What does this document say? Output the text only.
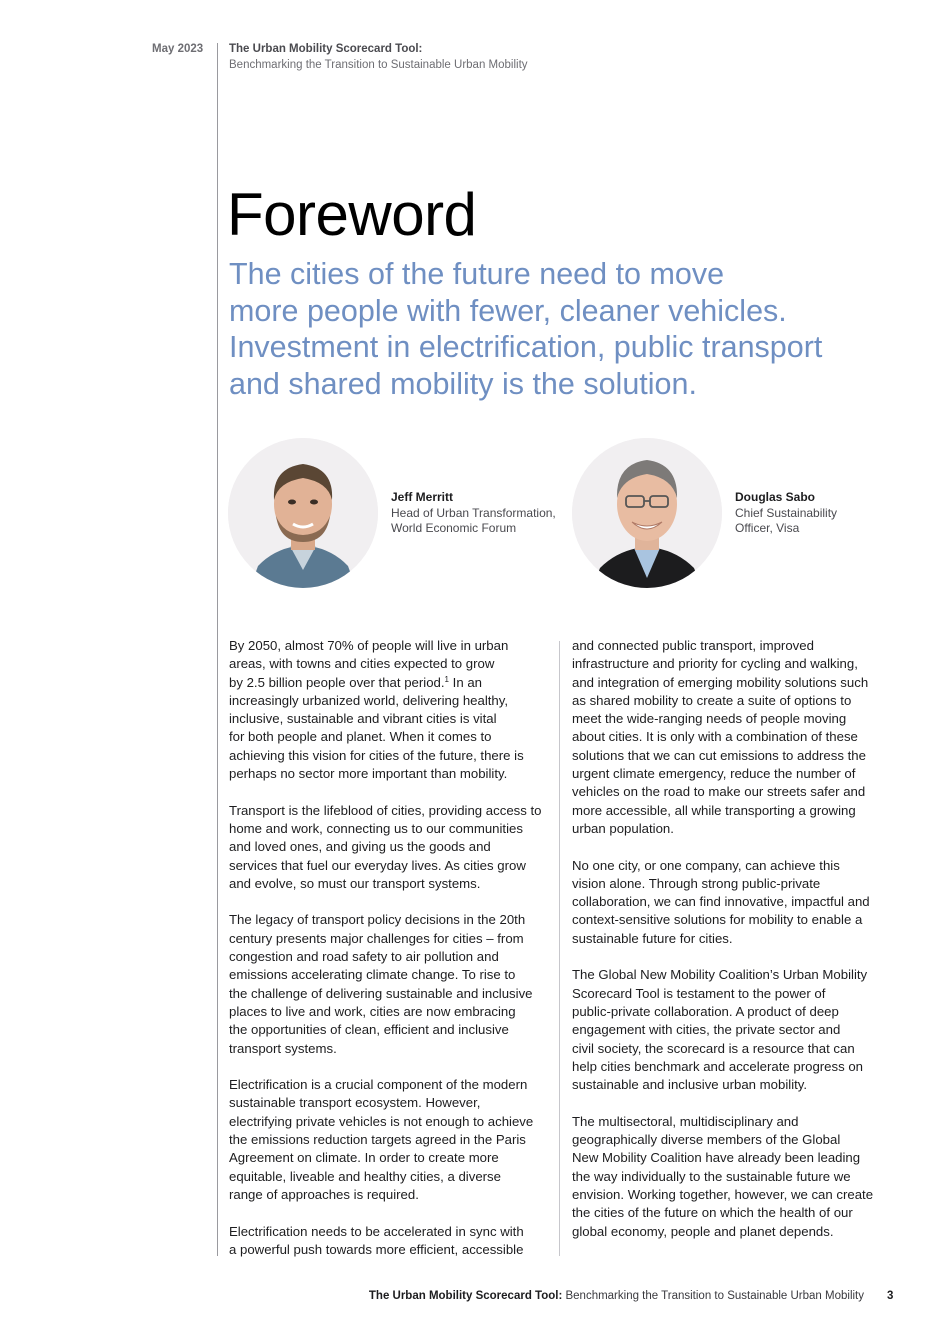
May 2023 The Urban Mobility Scorecard Tool:
Benchmarking the Transition to Sustainable Urban Mobility
Foreword
The cities of the future need to move
more people with fewer, cleaner vehicles.
Investment in electrification, public transport
and shared mobility is the solution.
Jeff Merritt
Head of Urban Transformation,
World Economic Forum
Douglas Sabo
Chief Sustainability
Officer, Visa

By 2050, almost 70% of people will live in urban
areas, with towns and cities expected to grow
by 2.5 billion people over that period.$^1$ In an
increasingly urbanized world, delivering healthy,
inclusive, sustainable and vibrant cities is vital
for both people and planet. When it comes to
achieving this vision for cities of the future, there is
perhaps no sector more important than mobility.

Transport is the lifeblood of cities, providing access to
home and work, connecting us to our communities
and loved ones, and giving us the goods and
services that fuel our everyday lives. As cities grow
and evolve, so must our transport systems.

The legacy of transport policy decisions in the 20th
century presents major challenges for cities – from
congestion and road safety to air pollution and
emissions accelerating climate change. To rise to
the challenge of delivering sustainable and inclusive
places to live and work, cities are now embracing
the opportunities of clean, efficient and inclusive
transport systems.

Electrification is a crucial component of the modern
sustainable transport ecosystem. However,
electrifying private vehicles is not enough to achieve
the emissions reduction targets agreed in the Paris
Agreement on climate. In order to create more
equitable, liveable and healthy cities, a diverse
range of approaches is required.

Electrification needs to be accelerated in sync with
a powerful push towards more efficient, accessible

and connected public transport, improved
infrastructure and priority for cycling and walking,
and integration of emerging mobility solutions such
as shared mobility to create a suite of options to
meet the wide-ranging needs of people moving
about cities. It is only with a combination of these
solutions that we can cut emissions to address the
urgent climate emergency, reduce the number of
vehicles on the road to make our streets safer and
more accessible, all while transporting a growing
urban population.

No one city, or one company, can achieve this
vision alone. Through strong public-private
collaboration, we can find innovative, impactful and
context-sensitive solutions for mobility to enable a
sustainable future for cities.

The Global New Mobility Coalition’s Urban Mobility
Scorecard Tool is testament to the power of
public-private collaboration. A product of deep
engagement with cities, the private sector and
civil society, the scorecard is a resource that can
help cities benchmark and accelerate progress on
sustainable and inclusive urban mobility.

The multisectoral, multidisciplinary and
geographically diverse members of the Global
New Mobility Coalition have already been leading
the way individually to the sustainable future we
envision. Working together, however, we can create
the cities of the future on which the health of our
global economy, people and planet depends.

The Urban Mobility Scorecard Tool: Benchmarking the Transition to Sustainable Urban Mobility 3
